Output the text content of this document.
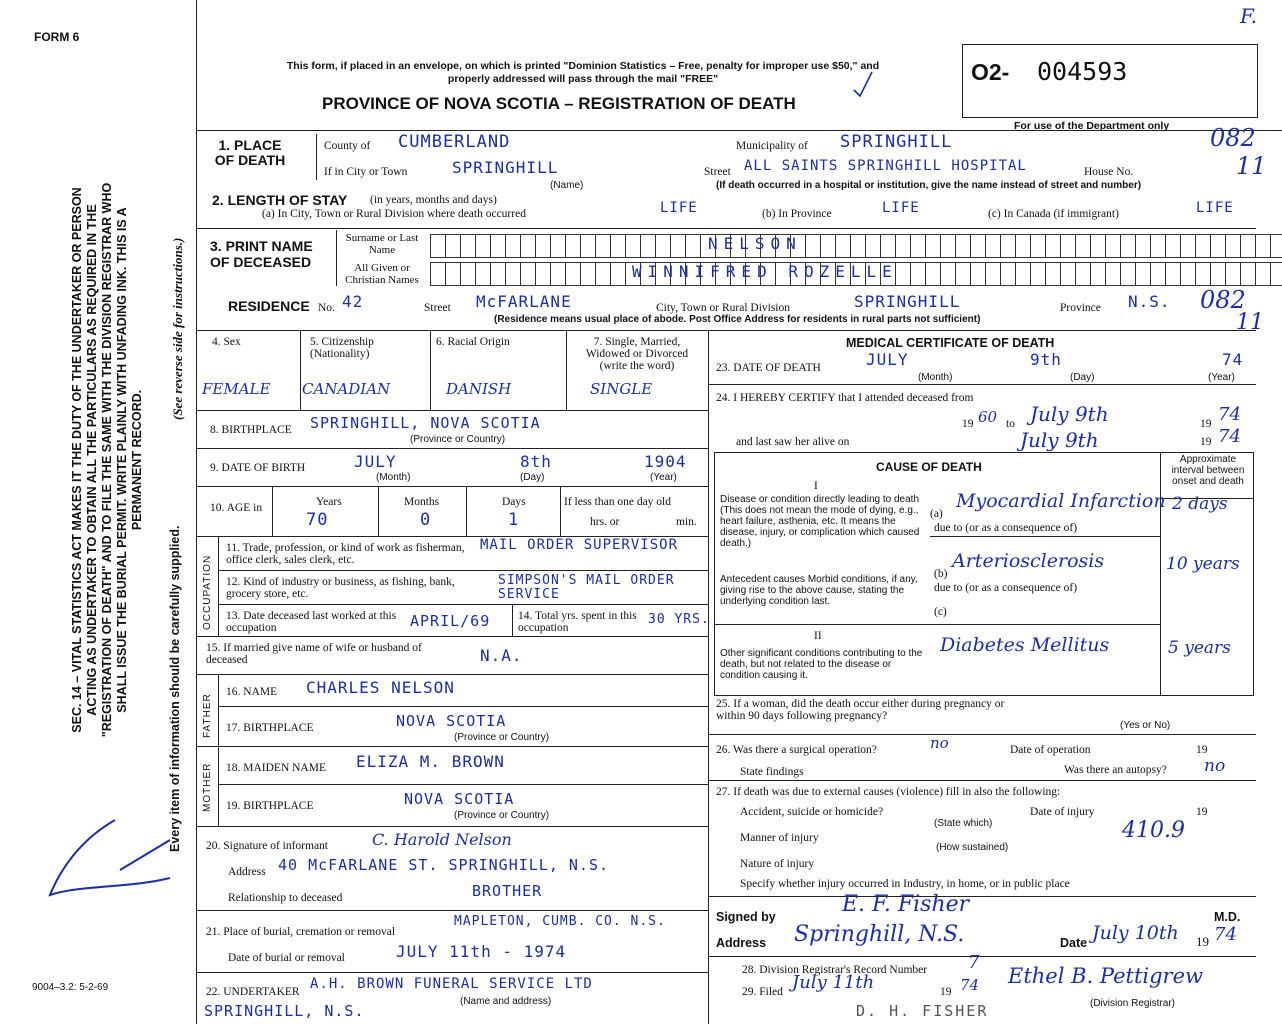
FORM 6
F.
This form, if placed in an envelope, on which is printed "Dominion Statistics – Free, penalty for improper use $50," and properly addressed will pass through the mail "FREE"
PROVINCE OF NOVA SCOTIA – REGISTRATION OF DEATH
O2- 004593
For use of the Department only
SEC. 14 – VITAL STATISTICS ACT MAKES IT THE DUTY OF THE UNDERTAKER OR PERSON ACTING AS UNDERTAKER TO OBTAIN ALL THE PARTICULARS AS REQUIRED IN THE "REGISTRATION OF DEATH" AND TO FILE THE SAME WITH THE DIVISION REGISTRAR WHO SHALL ISSUE THE BURIAL PERMIT. WRITE PLAINLY WITH UNFADING INK. THIS IS A PERMANENT RECORD.
(See reverse side for instructions.)
Every item of information should be carefully supplied.
9004–3.2: 5-2-69
1. PLACE OF DEATH
County of CUMBERLAND	Municipality of SPRINGHILL	082
If in City or Town	SPRINGHILL
(Name)
Street ALL SAINTS SPRINGHILL HOSPITAL	House No.	11
(If death occurred in a hospital or institution, give the name instead of street and number)
2. LENGTH OF STAY (in years, months and days)
(a) In City, Town or Rural Division where death occurred	LIFE	(b) In Province	LIFE	(c) In Canada (if immigrant)	LIFE
3. PRINT NAME OF DECEASED
Surname or Last Name	NELSON
All Given or Christian Names	WINNIFRED ROZELLE
RESIDENCE No. 42	Street McFARLANE	City, Town or Rural Division	SPRINGHILL	Province N.S. 082
11
(Residence means usual place of abode. Post Office Address for residents in rural parts not sufficient)
4. Sex
FEMALE
5. Citizenship (Nationality)
CANADIAN
6. Racial Origin
DANISH
7. Single, Married, Widowed or Divorced (write the word)
SINGLE
8. BIRTHPLACE SPRINGHILL, NOVA SCOTIA
(Province or Country)
9. DATE OF BIRTH	JULY	8th	1904
(Month)	(Day)	(Year)
10. AGE in	Years
70
Months
0
Days
1
If less than one day old
hrs. or	min.
OCCUPATION
11. Trade, profession, or kind of work as fisherman, office clerk, sales clerk, etc.
MAIL ORDER SUPERVISOR
12. Kind of industry or business, as fishing, bank, grocery store, etc.
SIMPSON'S MAIL ORDER SERVICE
13. Date deceased last worked at this occupation	APRIL/69 14. Total yrs. spent in this occupation
30 YRS.
15. If married give name of wife or husband of deceased	N.A.
FATHER
16. NAME CHARLES NELSON
17. BIRTHPLACE	NOVA SCOTIA
(Province or Country)
MOTHER 18. MAIDEN NAME ELIZA M. BROWN
19. BIRTHPLACE	NOVA SCOTIA
(Province or Country)
20. Signature of informant	C. Harold Nelson
Address 40 McFARLANE ST. SPRINGHILL, N.S.
Relationship to deceased	BROTHER
21. Place of burial, cremation or removal
MAPLETON, CUMB. CO. N.S.
Date of burial or removal	JULY 11th - 1974
22. UNDERTAKER A.H. BROWN FUNERAL SERVICE LTD
SPRINGHILL, N.S.
(Name and address)
MEDICAL CERTIFICATE OF DEATH
23. DATE OF DEATH	JULY	9th	74
(Month)	(Day)	(Year)
24. I HEREBY CERTIFY that I attended deceased from
19 60 to July 9th	19 74
and last saw her alive on	July 9th	19 74
CAUSE OF DEATH
I
Approximate interval between onset and death
Disease or condition directly leading to death (This does not mean the mode of dying, e.g., heart failure, asthenia, etc. It means the disease, injury, or complication which caused death.)
(a)
Myocardial Infarction 2 days
due to (or as a consequence of)
Antecedent causes Morbid conditions, if any, giving rise to the above cause, stating the underlying condition last.
(b)
Arteriosclerosis	10 years
due to (or as a consequence of)
(c)
II
Other significant conditions contributing to the death, but not related to the disease or condition causing it.
Diabetes Mellitus	5 years
25. If a woman, did the death occur either during pregnancy or within 90 days following pregnancy?
(Yes or No)
26. Was there a surgical operation?	no	Date of operation	19
State findings	Was there an autopsy? no
27. If death was due to external causes (violence) fill in also the following:
Accident, suicide or homicide?
(State which)
Date of injury	19
410.9
Manner of injury
(How sustained)
Nature of injury
Specify whether injury occurred in Industry, in home, or in public place
Signed by	E. F. Fisher	M.D.
Address Springhill, N.S.	Date July 10th 19 74
28. Division Registrar's Record Number 7
29. Filed July 11th	19 74 Ethel B. Pettigrew
(Division Registrar)
D. H. FISHER
